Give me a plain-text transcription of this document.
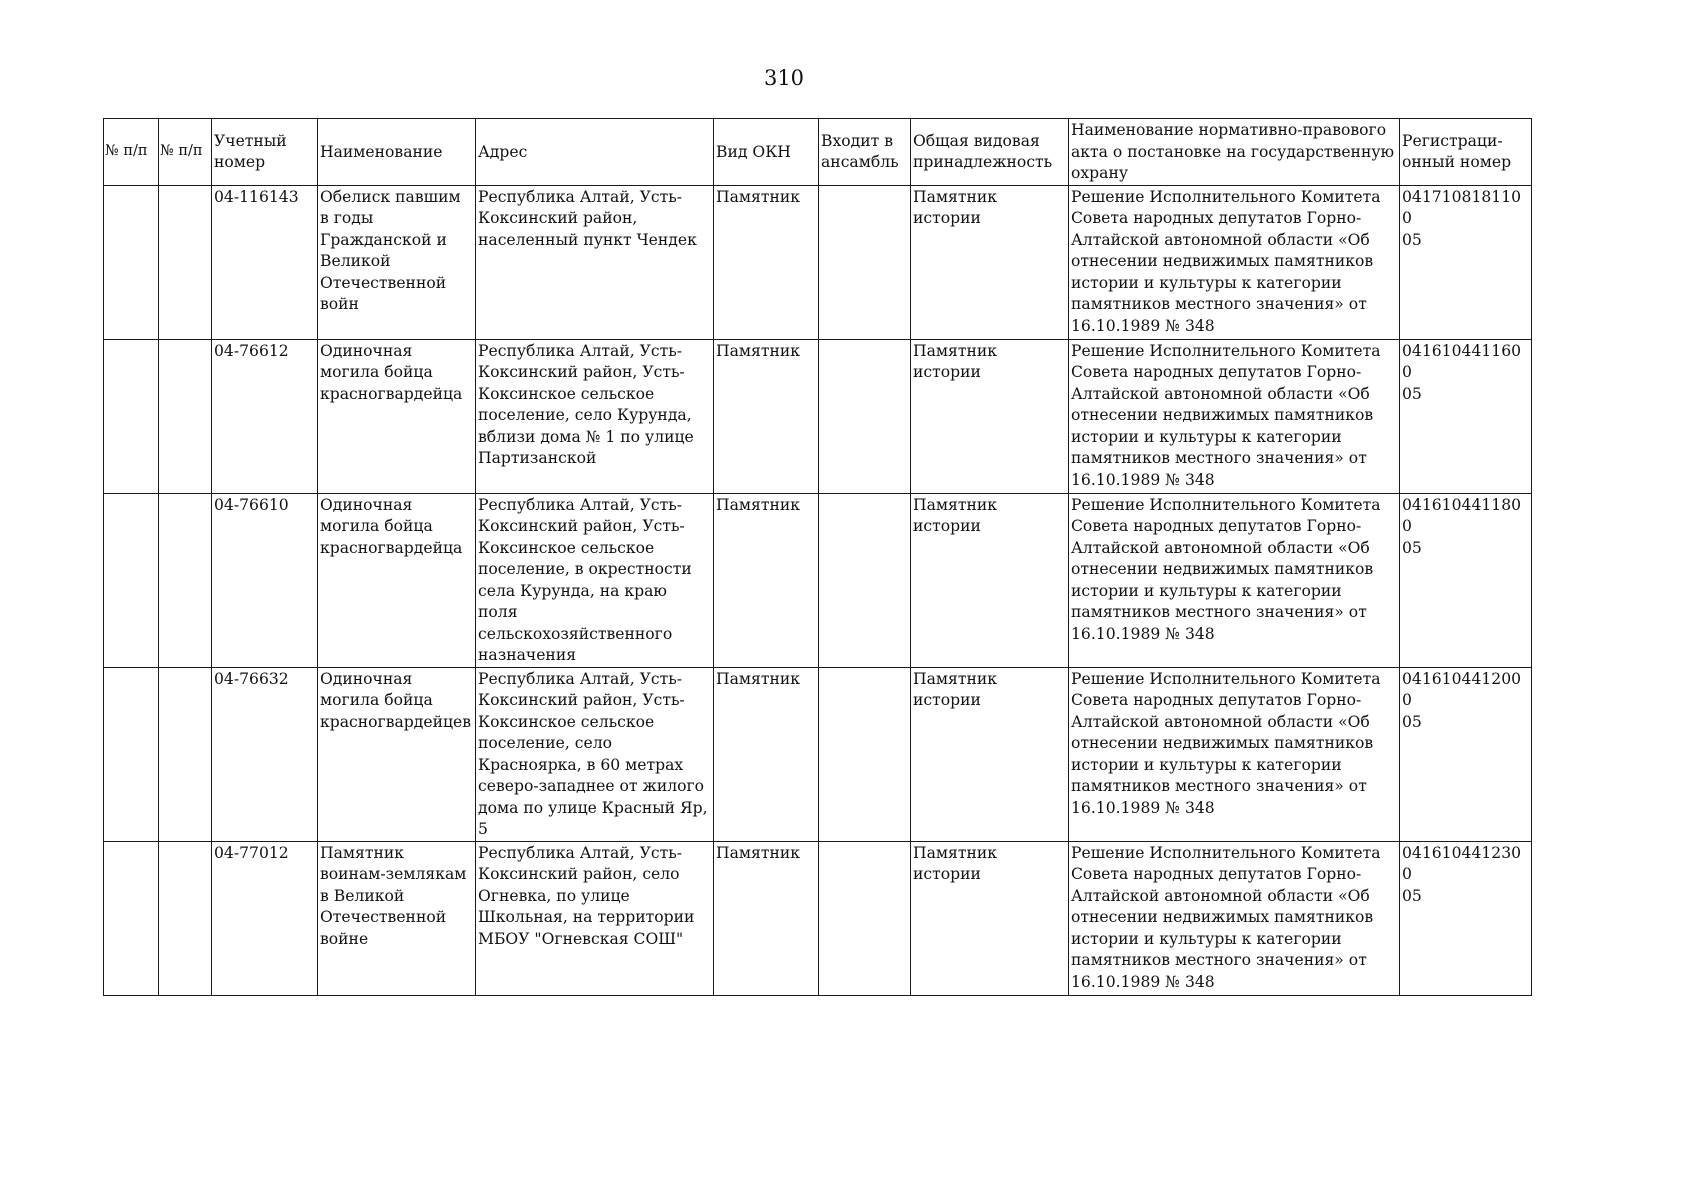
310
№ п/п	№ п/п	Учетный номер	Наименование	Адрес	Вид ОКН	Входит в ансамбль	Общая видовая принадлежность	Наименование нормативно-правового акта о постановке на государственную охрану	Регистраци-
онный номер
		04-116143	Обелиск павшим в годы Гражданской и Великой Отечественной войн	Республика Алтай, Усть-Коксинский район, населенный пункт Чендек	Памятник		Памятник истории	Решение Исполнительного Комитета Совета народных депутатов Горно-Алтайской автономной области «Об отнесении недвижимых памятников истории и культуры к категории памятников местного значения» от 16.10.1989 № 348	0417108181100
05
		04-76612	Одиночная могила бойца красногвардейца	Республика Алтай, Усть-Коксинский район, Усть-Коксинское сельское поселение, село Курунда, вблизи дома № 1 по улице Партизанской	Памятник		Памятник истории	Решение Исполнительного Комитета Совета народных депутатов Горно-Алтайской автономной области «Об отнесении недвижимых памятников истории и культуры к категории памятников местного значения» от 16.10.1989 № 348	0416104411600
05
		04-76610	Одиночная могила бойца красногвардейца	Республика Алтай, Усть-Коксинский район, Усть-Коксинское сельское поселение, в окрестности села Курунда, на краю поля сельскохозяйственного назначения	Памятник		Памятник истории	Решение Исполнительного Комитета Совета народных депутатов Горно-Алтайской автономной области «Об отнесении недвижимых памятников истории и культуры к категории памятников местного значения» от 16.10.1989 № 348	0416104411800
05
		04-76632	Одиночная могила бойца красногвардейцев	Республика Алтай, Усть-Коксинский район, Усть-Коксинское сельское поселение, село Красноярка, в 60 метрах северо-западнее от жилого дома по улице Красный Яр, 5	Памятник		Памятник истории	Решение Исполнительного Комитета Совета народных депутатов Горно-Алтайской автономной области «Об отнесении недвижимых памятников истории и культуры к категории памятников местного значения» от 16.10.1989 № 348	0416104412000
05
		04-77012	Памятник воинам-землякам в Великой Отечественной войне	Республика Алтай, Усть-Коксинский район, село Огневка, по улице Школьная, на территории МБОУ "Огневская СОШ"	Памятник		Памятник истории	Решение Исполнительного Комитета Совета народных депутатов Горно-Алтайской автономной области «Об отнесении недвижимых памятников истории и культуры к категории памятников местного значения» от 16.10.1989 № 348	0416104412300
05
